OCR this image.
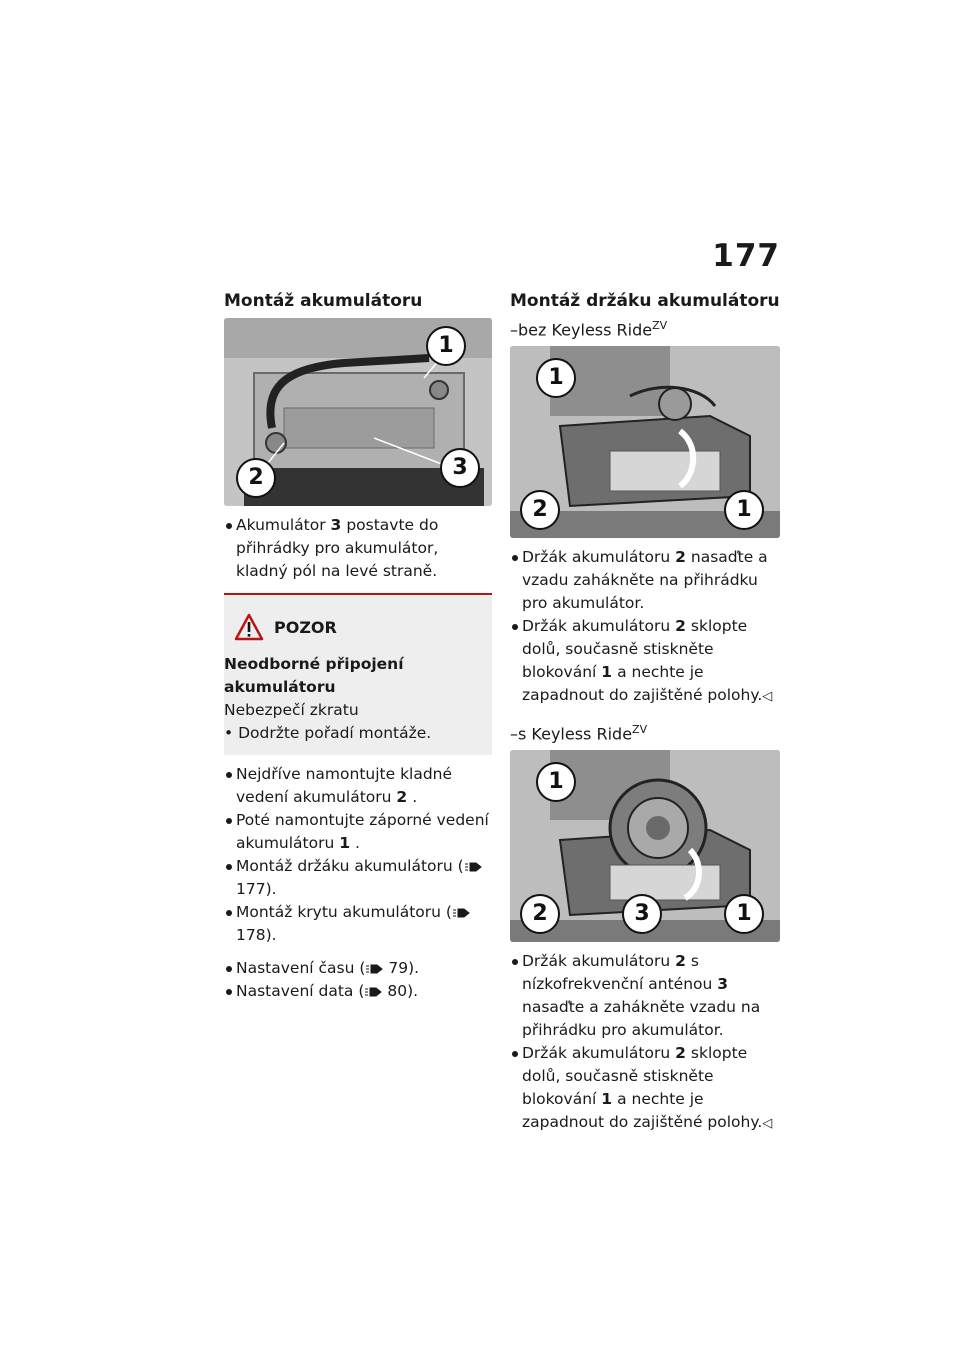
177
Montáž akumulátoru
1
2	3
Akumulátor 3 postavte do přihrádky pro akumulátor, kladný pól na levé straně.
POZOR
Neodborné připojení akumulátoru
Nebezpečí zkratu
• Dodržte pořadí montáže.
Nejdříve namontujte kladné vedení akumulátoru 2 .
Poté namontujte záporné vedení akumulátoru 1 .
Montáž držáku akumulátoru ( 177).
Montáž krytu akumulátoru ( 178).
Nastavení času ( 79).
Nastavení data ( 80).
Montáž držáku akumulátoru

–bez Keyless Ride$^{ZV}$

1
2	1
Držák akumulátoru 2 nasaďte a vzadu zahákněte na přihrádku pro akumulátor.
Držák akumulátoru 2 sklopte dolů, současně stiskněte blokování 1 a nechte je zapadnout do zajištěné polohy.◁

–s Keyless Ride$^{ZV}$

1
2	3	1
Držák akumulátoru 2 s nízkofrekvenční anténou 3nasaďte a zahákněte vzadu na přihrádku pro akumulátor.
Držák akumulátoru 2 sklopte dolů, současně stiskněte blokování 1 a nechte je zapadnout do zajištěné polohy.◁
